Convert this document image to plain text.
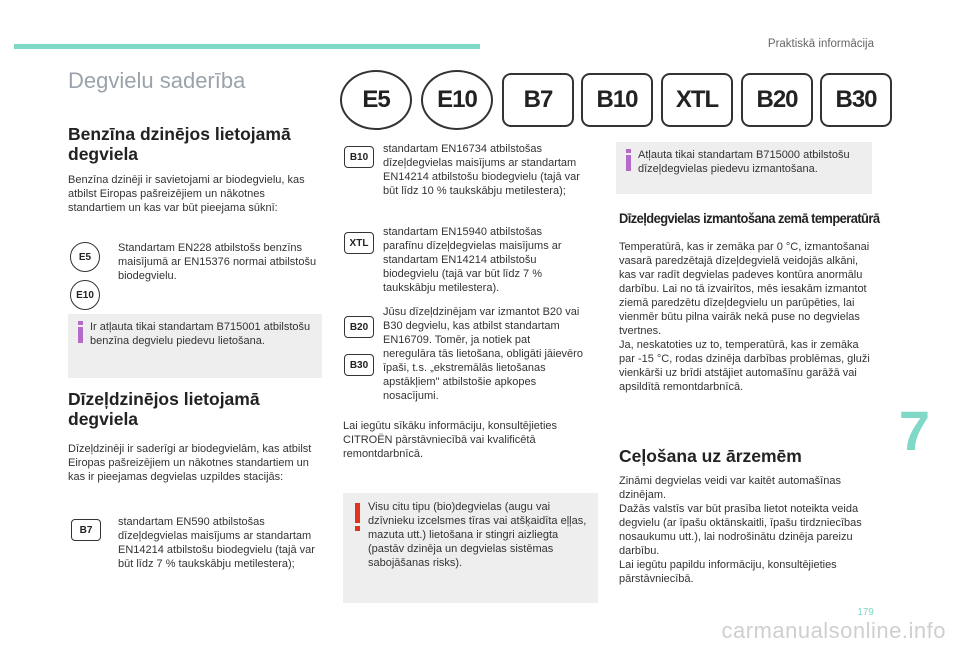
Praktiskā informācija
Degvielu saderība
E5	E10	B7	B10	XTL	B20	B30
Benzīna dzinējos lietojamā degviela
Benzīna dzinēji ir savietojami ar biodegvielu, kas atbilst Eiropas pašreizējiem un nākotnes standartiem un kas var būt pieejama sūknī:
E5
E10
Standartam EN228 atbilstošs benzīns maisījumā ar EN15376 normai atbilstošu biodegvielu.
Ir atļauta tikai standartam B715001 atbilstošu benzīna degvielu piedevu lietošana.
Dīzeļdzinējos lietojamā degviela
Dīzeļdzinēji ir saderīgi ar biodegvielām, kas atbilst Eiropas pašreizējiem un nākotnes standartiem un kas ir pieejamas degvielas uzpildes stacijās:
B7
standartam EN590 atbilstošas dīzeļdegvielas maisījums ar standartam EN14214 atbilstošu biodegvielu (tajā var būt līdz 7 % taukskābju metilestera);
B10
standartam EN16734 atbilstošas dīzeļdegvielas maisījums ar standartam EN14214 atbilstošu biodegvielu (tajā var būt līdz 10 % taukskābju metilestera);
XTL
standartam EN15940 atbilstošas parafīnu dīzeļdegvielas maisījums ar standartam EN14214 atbilstošu biodegvielu (tajā var būt līdz 7 % taukskābju metilestera).
B20
B30
Jūsu dīzeļdzinējam var izmantot B20 vai B30 degvielu, kas atbilst standartam EN16709. Tomēr, ja notiek pat neregulāra tās lietošana, obligāti jāievēro īpaši, t.s. „ekstremālās lietošanas apstākļiem" atbilstošie apkopes nosacījumi.
Lai iegūtu sīkāku informāciju, konsultējieties CITROËN pārstāvniecībā vai kvalificētā remontdarbnīcā.
Visu citu tipu (bio)degvielas (augu vai dzīvnieku izcelsmes tīras vai atšķaidīta eļļas, mazuta utt.) lietošana ir stingri aizliegta (pastāv dzinēja un degvielas sistēmas sabojāšanas risks).
Atļauta tikai standartam B715000 atbilstošu dīzeļdegvielas piedevu izmantošana.
Dīzeļdegvielas izmantošana zemā temperatūrā
Temperatūrā, kas ir zemāka par 0 °C, izmantošanai vasarā paredzētajā dīzeļdegvielā veidojās alkāni, kas var radīt degvielas padeves kontūra anormālu darbību. Lai no tā izvairītos, mēs iesakām izmantot ziemā paredzētu dīzeļdegvielu un parūpēties, lai vienmēr būtu pilna vairāk nekā puse no degvielas tvertnes.
Ja, neskatoties uz to, temperatūrā, kas ir zemāka par -15 °C, rodas dzinēja darbības problēmas, gluži vienkārši uz brīdi atstājiet automašīnu garāžā vai apsildītā remontdarbnīcā.
Ceļošana uz ārzemēm
Zināmi degvielas veidi var kaitēt automašīnas dzinējam.
Dažās valstīs var būt prasība lietot noteikta veida degvielu (ar īpašu oktānskaitli, īpašu tirdzniecības nosaukumu utt.), lai nodrošinātu dzinēja pareizu darbību.
Lai iegūtu papildu informāciju, konsultējieties pārstāvniecībā.
7
179
carmanualsonline.info
